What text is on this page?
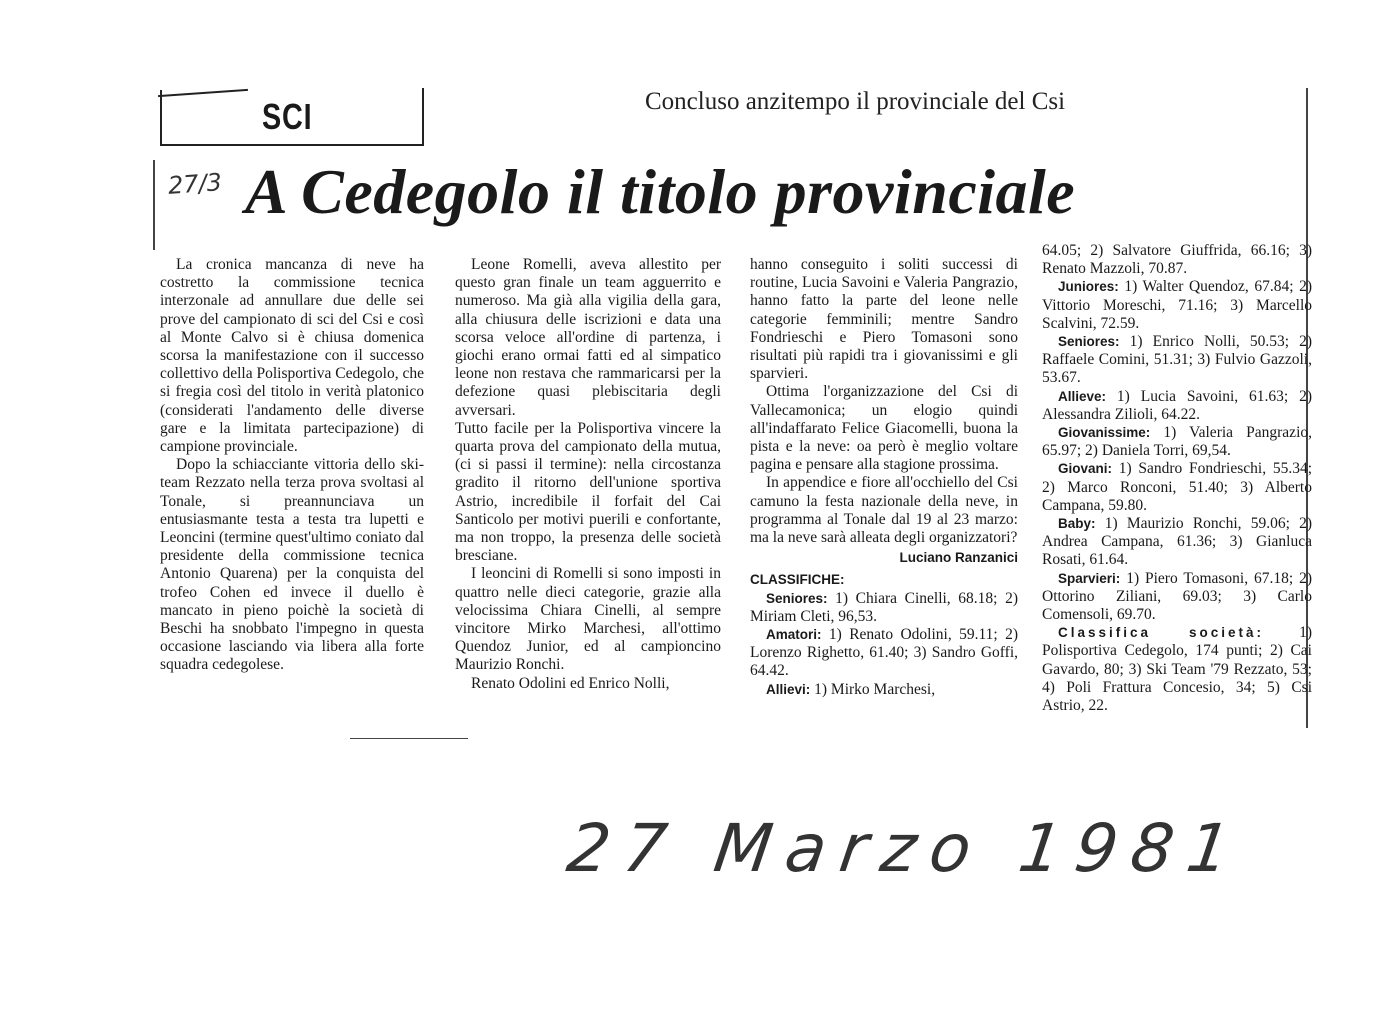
SCI	Concluso anzitempo il provinciale del Csi
27/3 A Cedegolo il titolo provinciale

La cronica mancanza di neve ha costretto la commissione tecnica interzonale ad annullare due delle sei prove del campionato di sci del Csi e così al Monte Calvo si è chiusa domenica scorsa la manifestazione con il successo collettivo della Polisportiva Cedegolo, che si fregia così del titolo in verità platonico (considerati l'andamento delle diverse gare e la limitata partecipazione) di campione provinciale.

Dopo la schiacciante vittoria dello ski-team Rezzato nella terza prova svoltasi al Tonale, si preannunciava un entusiasmante testa a testa tra lupetti e Leoncini (termine quest'ultimo coniato dal presidente della commissione tecnica Antonio Quarena) per la conquista del trofeo Cohen ed invece il duello è mancato in pieno poichè la società di Beschi ha snobbato l'impegno in questa occasione lasciando via libera alla forte squadra cedegolese.

Leone Romelli, aveva allestito per questo gran finale un team agguerrito e numeroso. Ma già alla vigilia della gara, alla chiusura delle iscrizioni e data una scorsa veloce all'ordine di partenza, i giochi erano ormai fatti ed al simpatico leone non restava che rammaricarsi per la defezione quasi plebiscitaria degli avversari.

Tutto facile per la Polisportiva vincere la quarta prova del campionato della mutua, (ci si passi il termine): nella circostanza gradito il ritorno dell'unione sportiva Astrio, incredibile il forfait del Cai Santicolo per motivi puerili e confortante, ma non troppo, la presenza delle società bresciane.

I leoncini di Romelli si sono imposti in quattro nelle dieci categorie, grazie alla velocissima Chiara Cinelli, al sempre vincitore Mirko Marchesi, all'ottimo Quendoz Junior, ed al campioncino Maurizio Ronchi.

Renato Odolini ed Enrico Nolli,

hanno conseguito i soliti successi di routine, Lucia Savoini e Valeria Pangrazio, hanno fatto la parte del leone nelle categorie femminili; mentre Sandro Fondrieschi e Piero Tomasoni sono risultati più rapidi tra i giovanissimi e gli sparvieri.

Ottima l'organizzazione del Csi di Vallecamonica; un elogio quindi all'indaffarato Felice Giacomelli, buona la pista e la neve: oa però è meglio voltare pagina e pensare alla stagione prossima.

In appendice e fiore all'occhiello del Csi camuno la festa nazionale della neve, in programma al Tonale dal 19 al 23 marzo: ma la neve sarà alleata degli organizzatori?

Luciano Ranzanici
CLASSIFICHE:

Seniores: 1) Chiara Cinelli, 68.18; 2) Miriam Cleti, 96,53.

Amatori: 1) Renato Odolini, 59.11; 2) Lorenzo Righetto, 61.40; 3) Sandro Goffi, 64.42.

Allievi: 1) Mirko Marchesi,

64.05; 2) Salvatore Giuffrida, 66.16; 3) Renato Mazzoli, 70.87.

Juniores: 1) Walter Quendoz, 67.84; 2) Vittorio Moreschi, 71.16; 3) Marcello Scalvini, 72.59.

Seniores: 1) Enrico Nolli, 50.53; 2) Raffaele Comini, 51.31; 3) Fulvio Gazzoli, 53.67.

Allieve: 1) Lucia Savoini, 61.63; 2) Alessandra Zilioli, 64.22.

Giovanissime: 1) Valeria Pangrazio, 65.97; 2) Daniela Torri, 69,54.

Giovani: 1) Sandro Fondrieschi, 55.34; 2) Marco Ronconi, 51.40; 3) Alberto Campana, 59.80.

Baby: 1) Maurizio Ronchi, 59.06; 2) Andrea Campana, 61.36; 3) Gianluca Rosati, 61.64.

Sparvieri: 1) Piero Tomasoni, 67.18; 2) Ottorino Ziliani, 69.03; 3) Carlo Comensoli, 69.70.

Classifica società: 1) Polisportiva Cedegolo, 174 punti; 2) Cai Gavardo, 80; 3) Ski Team '79 Rezzato, 53; 4) Poli Frattura Concesio, 34; 5) Csi Astrio, 22.

27 Marzo 1981
